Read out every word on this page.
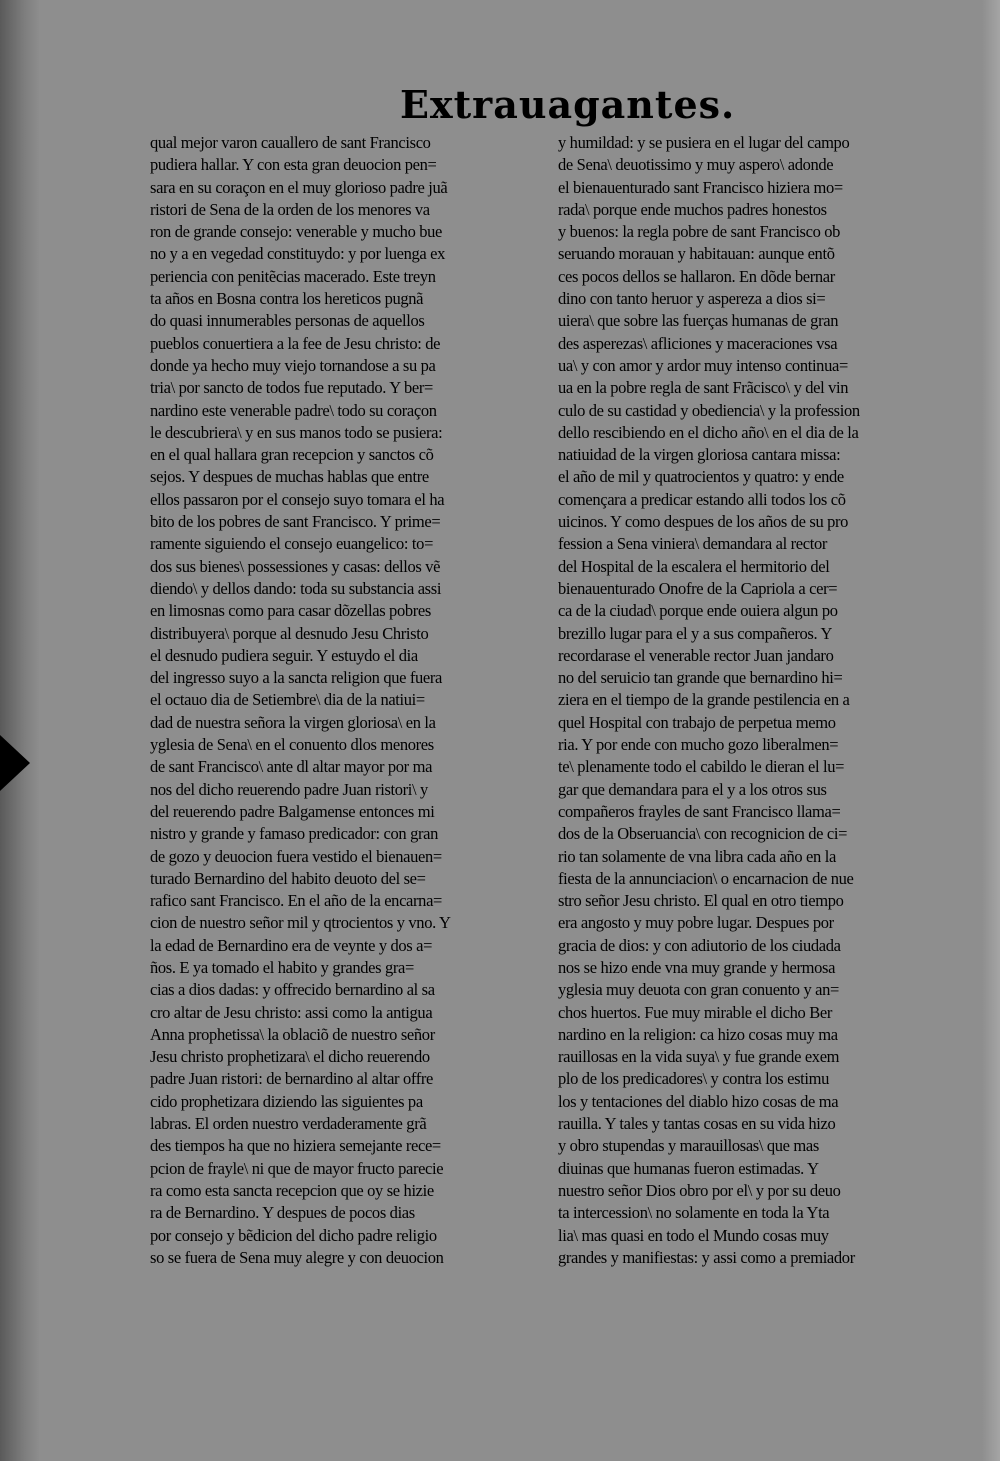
Extrauagantes.
qual mejor varon cauallero de sant Francisco
pudiera hallar. Y con esta gran deuocion pen=
sara en su coraçon en el muy glorioso padre juã
ristori de Sena de la orden de los menores va
ron de grande consejo: venerable y mucho bue
no y a en vegedad constituydo: y por luenga ex
periencia con penitẽcias macerado. Este treyn
ta años en Bosna contra los hereticos pugnã
do quasi innumerables personas de aquellos
pueblos conuertiera a la fee de Jesu christo: de
donde ya hecho muy viejo tornandose a su pa
tria\ por sancto de todos fue reputado. Y ber=
nardino este venerable padre\ todo su coraçon
le descubriera\ y en sus manos todo se pusiera:
en el qual hallara gran recepcion y sanctos cõ
sejos. Y despues de muchas hablas que entre
ellos passaron por el consejo suyo tomara el ha
bito de los pobres de sant Francisco. Y prime=
ramente siguiendo el consejo euangelico: to=
dos sus bienes\ possessiones y casas: dellos vẽ
diendo\ y dellos dando: toda su substancia assi
en limosnas como para casar dõzellas pobres
distribuyera\ porque al desnudo Jesu Christo
el desnudo pudiera seguir. Y estuydo el dia
del ingresso suyo a la sancta religion que fuera
el octauo dia de Setiembre\ dia de la natiui=
dad de nuestra señora la virgen gloriosa\ en la
yglesia de Sena\ en el conuento dlos menores
de sant Francisco\ ante dl altar mayor por ma
nos del dicho reuerendo padre Juan ristori\ y
del reuerendo padre Balgamense entonces mi
nistro y grande y famaso predicador: con gran
de gozo y deuocion fuera vestido el bienauen=
turado Bernardino del habito deuoto del se=
rafico sant Francisco. En el año de la encarna=
cion de nuestro señor mil y qtrocientos y vno. Y
la edad de Bernardino era de veynte y dos a=
ños. E ya tomado el habito y grandes gra=
cias a dios dadas: y offrecido bernardino al sa
cro altar de Jesu christo: assi como la antigua
Anna prophetissa\ la oblaciõ de nuestro señor
Jesu christo prophetizara\ el dicho reuerendo
padre Juan ristori: de bernardino al altar offre
cido prophetizara diziendo las siguientes pa
labras. El orden nuestro verdaderamente grã
des tiempos ha que no hiziera semejante rece=
pcion de frayle\ ni que de mayor fructo parecie
ra como esta sancta recepcion que oy se hizie
ra de Bernardino. Y despues de pocos dias
por consejo y bẽdicion del dicho padre religio
so se fuera de Sena muy alegre y con deuocion
y humildad: y se pusiera en el lugar del campo
de Sena\ deuotissimo y muy aspero\ adonde
el bienauenturado sant Francisco hiziera mo=
rada\ porque ende muchos padres honestos
y buenos: la regla pobre de sant Francisco ob
seruando morauan y habitauan: aunque entõ
ces pocos dellos se hallaron. En dõde bernar
dino con tanto heruor y aspereza a dios si=
uiera\ que sobre las fuerças humanas de gran
des asperezas\ afliciones y maceraciones vsa
ua\ y con amor y ardor muy intenso continua=
ua en la pobre regla de sant Frãcisco\ y del vin
culo de su castidad y obediencia\ y la profession
dello rescibiendo en el dicho año\ en el dia de la
natiuidad de la virgen gloriosa cantara missa:
el año de mil y quatrocientos y quatro: y ende
començara a predicar estando alli todos los cõ
uicinos. Y como despues de los años de su pro
fession a Sena viniera\ demandara al rector
del Hospital de la escalera el hermitorio del
bienauenturado Onofre de la Capriola a cer=
ca de la ciudad\ porque ende ouiera algun po
brezillo lugar para el y a sus compañeros. Y
recordarase el venerable rector Juan jandaro
no del seruicio tan grande que bernardino hi=
ziera en el tiempo de la grande pestilencia en a
quel Hospital con trabajo de perpetua memo
ria. Y por ende con mucho gozo liberalmen=
te\ plenamente todo el cabildo le dieran el lu=
gar que demandara para el y a los otros sus
compañeros frayles de sant Francisco llama=
dos de la Obseruancia\ con recognicion de ci=
rio tan solamente de vna libra cada año en la
fiesta de la annunciacion\ o encarnacion de nue
stro señor Jesu christo. El qual en otro tiempo
era angosto y muy pobre lugar. Despues por
gracia de dios: y con adiutorio de los ciudada
nos se hizo ende vna muy grande y hermosa
yglesia muy deuota con gran conuento y an=
chos huertos. Fue muy mirable el dicho Ber
nardino en la religion: ca hizo cosas muy ma
rauillosas en la vida suya\ y fue grande exem
plo de los predicadores\ y contra los estimu
los y tentaciones del diablo hizo cosas de ma
rauilla. Y tales y tantas cosas en su vida hizo
y obro stupendas y marauillosas\ que mas
diuinas que humanas fueron estimadas. Y
nuestro señor Dios obro por el\ y por su deuo
ta intercession\ no solamente en toda la Yta
lia\ mas quasi en todo el Mundo cosas muy
grandes y manifiestas: y assi como a premiador
